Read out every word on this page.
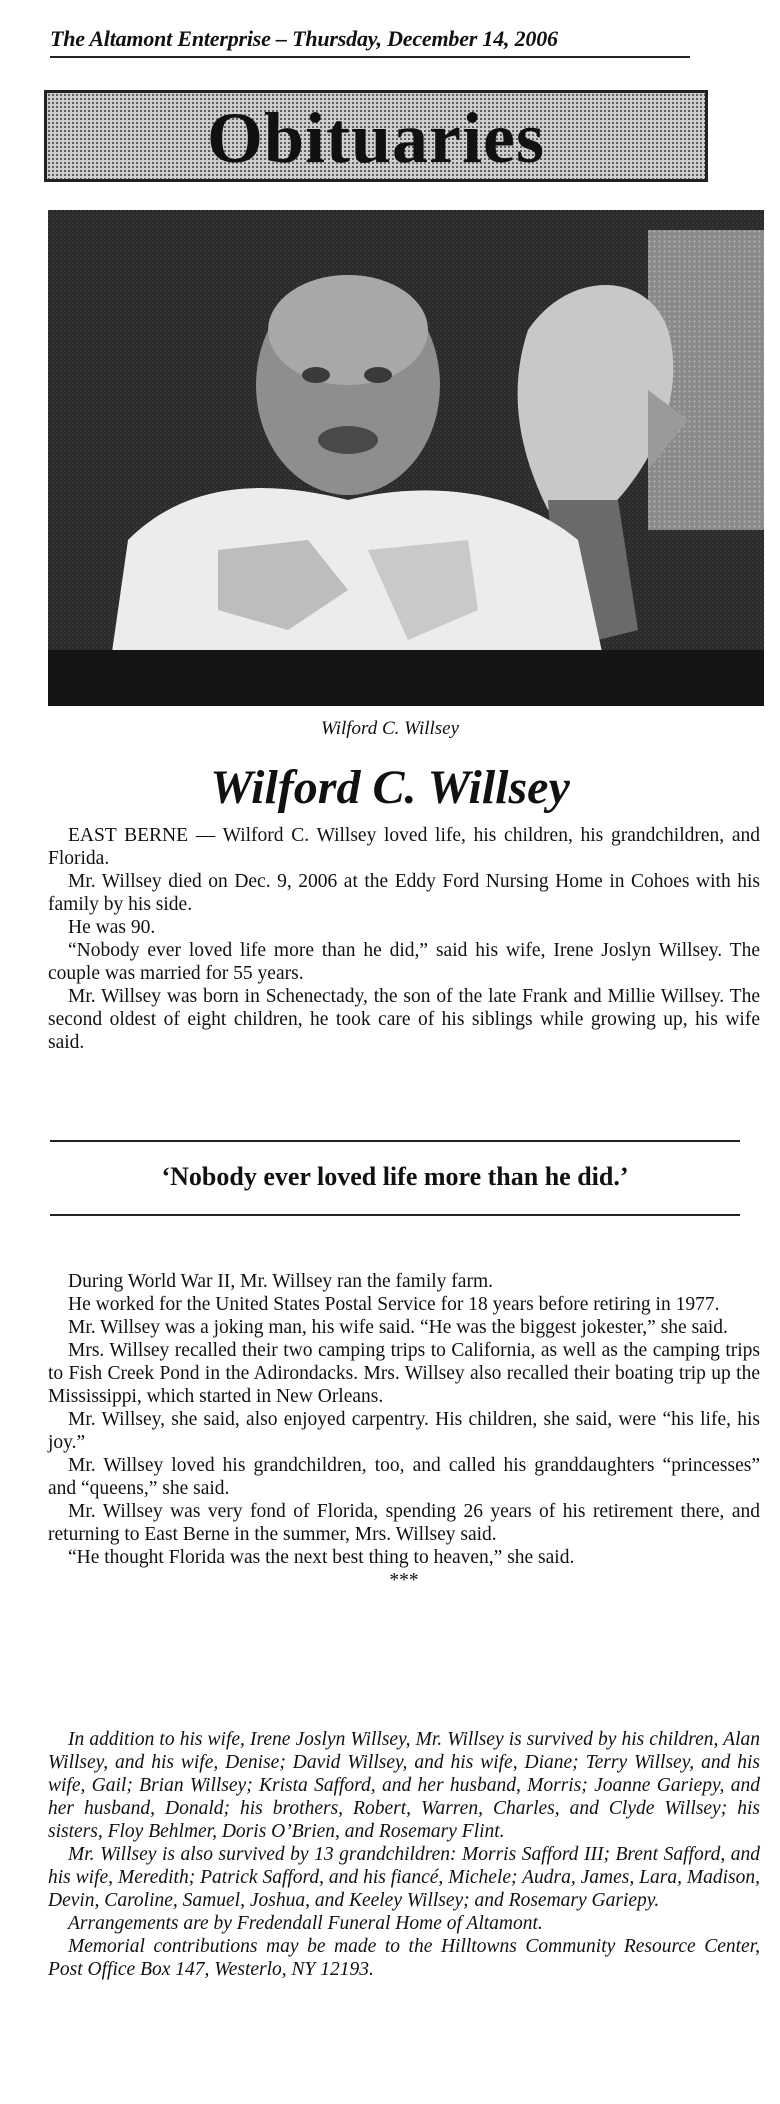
The Altamont Enterprise – Thursday, December 14, 2006
Obituaries
Wilford C. Willsey
Wilford C. Willsey

EAST BERNE — Wilford C. Willsey loved life, his children, his grandchildren, and Florida.

Mr. Willsey died on Dec. 9, 2006 at the Eddy Ford Nursing Home in Cohoes with his family by his side.

He was 90.

“Nobody ever loved life more than he did,” said his wife, Irene Joslyn Willsey. The couple was married for 55 years.

Mr. Willsey was born in Schenectady, the son of the late Frank and Millie Willsey. The second oldest of eight children, he took care of his siblings while growing up, his wife said.

‘Nobody ever loved life more than he did.’

During World War II, Mr. Willsey ran the family farm.

He worked for the United States Postal Service for 18 years before retiring in 1977.

Mr. Willsey was a joking man, his wife said. “He was the biggest jokester,” she said.

Mrs. Willsey recalled their two camping trips to California, as well as the camping trips to Fish Creek Pond in the Adirondacks. Mrs. Willsey also recalled their boating trip up the Mississippi, which started in New Orleans.

Mr. Willsey, she said, also enjoyed carpentry. His children, she said, were “his life, his joy.”

Mr. Willsey loved his grandchildren, too, and called his granddaughters “princesses” and “queens,” she said.

Mr. Willsey was very fond of Florida, spending 26 years of his retirement there, and returning to East Berne in the summer, Mrs. Willsey said.

“He thought Florida was the next best thing to heaven,” she said.

***

In addition to his wife, Irene Joslyn Willsey, Mr. Willsey is survived by his children, Alan Willsey, and his wife, Denise; David Willsey, and his wife, Diane; Terry Willsey, and his wife, Gail; Brian Willsey; Krista Safford, and her husband, Morris; Joanne Gariepy, and her husband, Donald; his brothers, Robert, Warren, Charles, and Clyde Willsey; his sisters, Floy Behlmer, Doris O’Brien, and Rosemary Flint.

Mr. Willsey is also survived by 13 grandchildren: Morris Safford III; Brent Safford, and his wife, Meredith; Patrick Safford, and his fiancé, Michele; Audra, James, Lara, Madison, Devin, Caroline, Samuel, Joshua, and Keeley Willsey; and Rosemary Gariepy.

Arrangements are by Fredendall Funeral Home of Altamont.

Memorial contributions may be made to the Hilltowns Community Resource Center, Post Office Box 147, Westerlo, NY 12193.
